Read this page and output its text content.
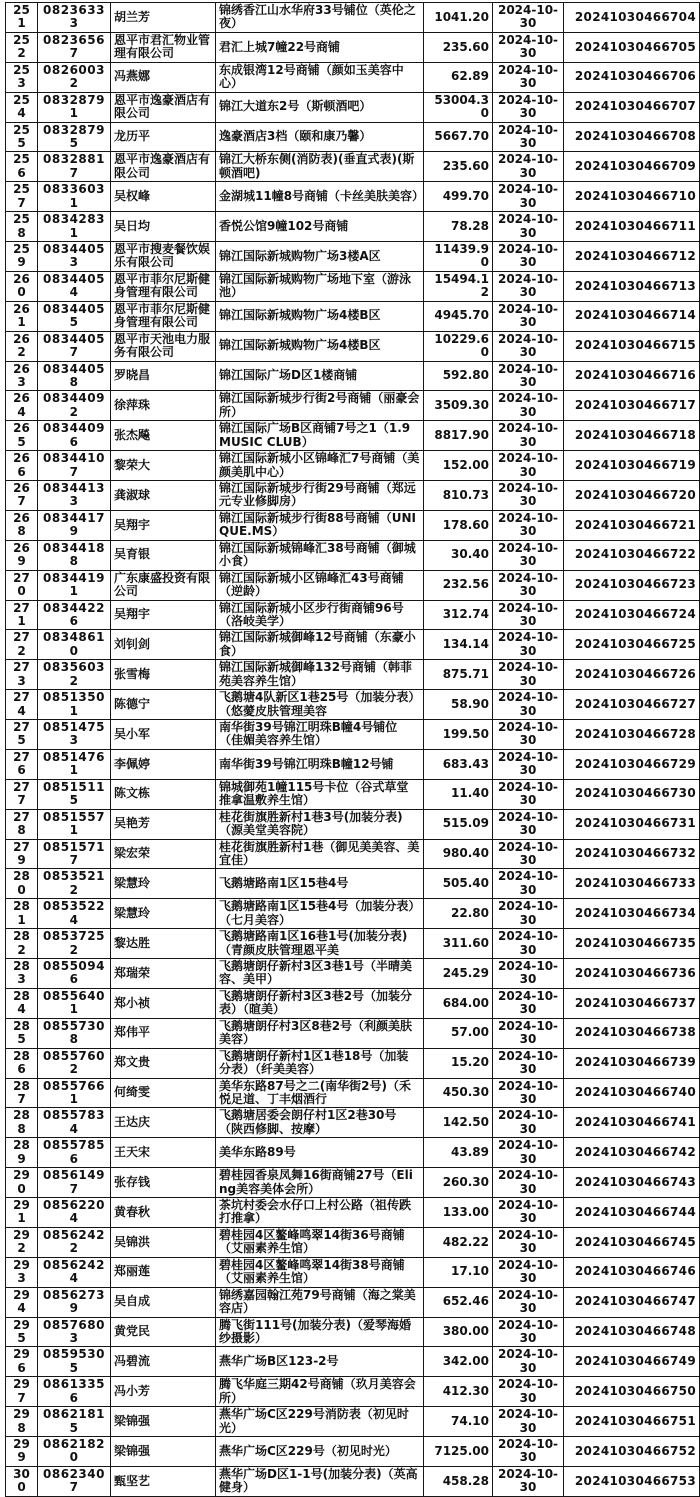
251	08236333	胡兰芳	锦绣香江山水华府33号铺位（英伦之夜）	1041.20	2024-10-30	20241030466704
252	08236567	恩平市君汇物业管理有限公司	君汇上城7幢22号商铺	235.60	2024-10-30	20241030466705
253	08260032	冯燕娜	东成银湾12号商铺（颜如玉美容中心）	62.89	2024-10-30	20241030466706
254	08328791	恩平市逸豪酒店有限公司	锦江大道东2号（斯顿酒吧）	53004.30	2024-10-30	20241030466707
255	08328795	龙历平	逸豪酒店3档（颐和康乃馨）	5667.70	2024-10-30	20241030466708
256	08328817	恩平市逸豪酒店有限公司	锦江大桥东侧(消防表)(垂直式表)(斯顿酒吧)	235.60	2024-10-30	20241030466709
257	08336031	吴权峰	金湖城11幢8号商铺（卡丝美肤美容）	499.70	2024-10-30	20241030466710
258	08342831	吴日均	香悦公馆9幢102号商铺	78.28	2024-10-30	20241030466711
259	08344053	恩平市搜麦餐饮娱乐有限公司	锦江国际新城购物广场3楼A区	11439.90	2024-10-30	20241030466712
260	08344054	恩平市菲尔尼斯健身管理有限公司	锦江国际新城购物广场地下室（游泳池）	15494.12	2024-10-30	20241030466713
261	08344055	恩平市菲尔尼斯健身管理有限公司	锦江国际新城购物广场4楼B区	4945.70	2024-10-30	20241030466714
262	08344057	恩平市天池电力服务有限公司	锦江国际新城购物广场4楼B区	10229.60	2024-10-30	20241030466715
263	08344058	罗晓昌	锦江国际广场D区1楼商铺	592.80	2024-10-30	20241030466716
264	08344092	徐萍珠	锦江国际新城步行街2号商铺（丽豪会所）	3509.30	2024-10-30	20241030466717
265	08344096	张杰飚	锦江国际广场B区商铺7号之1（1.9 MUSIC CLUB）	8817.90	2024-10-30	20241030466718
266	08344107	黎荣大	锦江国际新城小区锦峰汇7号商铺（美颜美肌中心）	152.00	2024-10-30	20241030466719
267	08344133	龚淑球	锦江国际新城步行街29号商铺（郑远元专业修脚房）	810.73	2024-10-30	20241030466720
268	08344179	吴翔宇	锦江国际新城步行街88号商铺（UNIQUE.MS）	178.60	2024-10-30	20241030466721
269	08344188	吴育银	锦江国际新城锦峰汇38号商铺（御城小食）	30.40	2024-10-30	20241030466722
270	08344191	广东康盛投资有限公司	锦江国际新城小区锦峰汇43号商铺（逆龄）	232.56	2024-10-30	20241030466723
271	08344226	吴翔宇	锦江国际新城小区步行街商铺96号（洛岐美学）	312.74	2024-10-30	20241030466724
272	08348610	刘钊剑	锦江国际新城御峰12号商铺（东豪小食）	134.14	2024-10-30	20241030466725
273	08356032	张雪梅	锦江国际新城御峰132号商铺（韩菲苑美容养生馆）	875.71	2024-10-30	20241030466726
274	08513501	陈德宁	飞鹅塘4队新区1巷25号（加装分表）（悠薆皮肤管理美容	58.90	2024-10-30	20241030466727
275	08514753	吴小军	南华街39号锦江明珠B幢4号铺位（佳媚美容养生馆）	199.50	2024-10-30	20241030466728
276	08514761	李佩婷	南华街39号锦江明珠B幢12号铺	683.43	2024-10-30	20241030466729
277	08515115	陈文栋	锦城御苑1幢115号卡位（谷式草堂推拿温敷养生馆）	11.40	2024-10-30	20241030466730
278	08515571	吴艳芳	桂花街旗胜新村1巷3号(加装分表)（源美堂美容院）	515.09	2024-10-30	20241030466731
279	08515717	梁宏荣	桂花街旗胜新村1巷（御见美美容、美宜佳）	980.40	2024-10-30	20241030466732
280	08535212	梁慧玲	飞鹅塘路南1区15巷4号	505.40	2024-10-30	20241030466733
281	08535224	梁慧玲	飞鹅塘路南1区15巷4号（加装分表）（七月美容）	22.80	2024-10-30	20241030466734
282	08537252	黎达胜	飞鹅塘路南1区16巷1号(加装分表)（青颜皮肤管理恩平美	311.60	2024-10-30	20241030466735
283	08550946	郑瑞荣	飞鹅塘朗仔新村3区3巷1号（半晴美容、美甲）	245.29	2024-10-30	20241030466736
284	08556401	郑小祯	飞鹅塘朗仔新村3区3巷2号（加装分表）（暄美）	684.00	2024-10-30	20241030466737
285	08557308	郑伟平	飞鹅塘朗仔村3区8巷2号（利颜美肤美容）	57.00	2024-10-30	20241030466738
286	08557602	郑文贵	飞鹅塘朗仔新村1区1巷18号（加装分表）（纤美美容）	15.20	2024-10-30	20241030466739
287	08557661	何绮雯	美华东路87号之二(南华街2号)（禾悦足道、丁丰烟酒行	450.30	2024-10-30	20241030466740
288	08557834	王达庆	飞鹅塘居委会朗仔村1区2巷30号（陕西修脚、按摩）	142.50	2024-10-30	20241030466741
289	08557856	王天宋	美华东路89号	43.89	2024-10-30	20241030466742
290	08561497	张存钱	碧桂园香泉凤舞16街商铺27号（Eling美容美体会所）	260.30	2024-10-30	20241030466743
291	08562204	黄春秋	茶坑村委会水仔口上村公路（祖传跌打推拿）	133.00	2024-10-30	20241030466744
292	08562422	吴锦洪	碧桂园4区鳌峰鸣翠14街36号商铺（艾丽素养生馆）	482.22	2024-10-30	20241030466745
293	08562424	郑丽莲	碧桂园4区鳌峰鸣翠14街38号商铺（艾丽素养生馆）	17.10	2024-10-30	20241030466746
294	08562739	吴自成	锦绣嘉园翰江苑79号商铺（海之棠美容店）	652.46	2024-10-30	20241030466747
295	08576803	黄党民	腾飞街111号(加装分表)（爱琴海婚纱摄影）	380.00	2024-10-30	20241030466748
296	08595305	冯碧流	燕华广场B区123-2号	342.00	2024-10-30	20241030466749
297	08613356	冯小芳	腾飞华庭三期42号商铺（玖月美容会所）	412.30	2024-10-30	20241030466750
298	08621815	梁锦强	燕华广场C区229号消防表（初见时光）	74.10	2024-10-30	20241030466751
299	08621820	梁锦强	燕华广场C区229号（初见时光）	7125.00	2024-10-30	20241030466752
300	08623407	甄坚艺	燕华广场D区1-1号(加装分表)（英高健身）	458.28	2024-10-30	20241030466753
